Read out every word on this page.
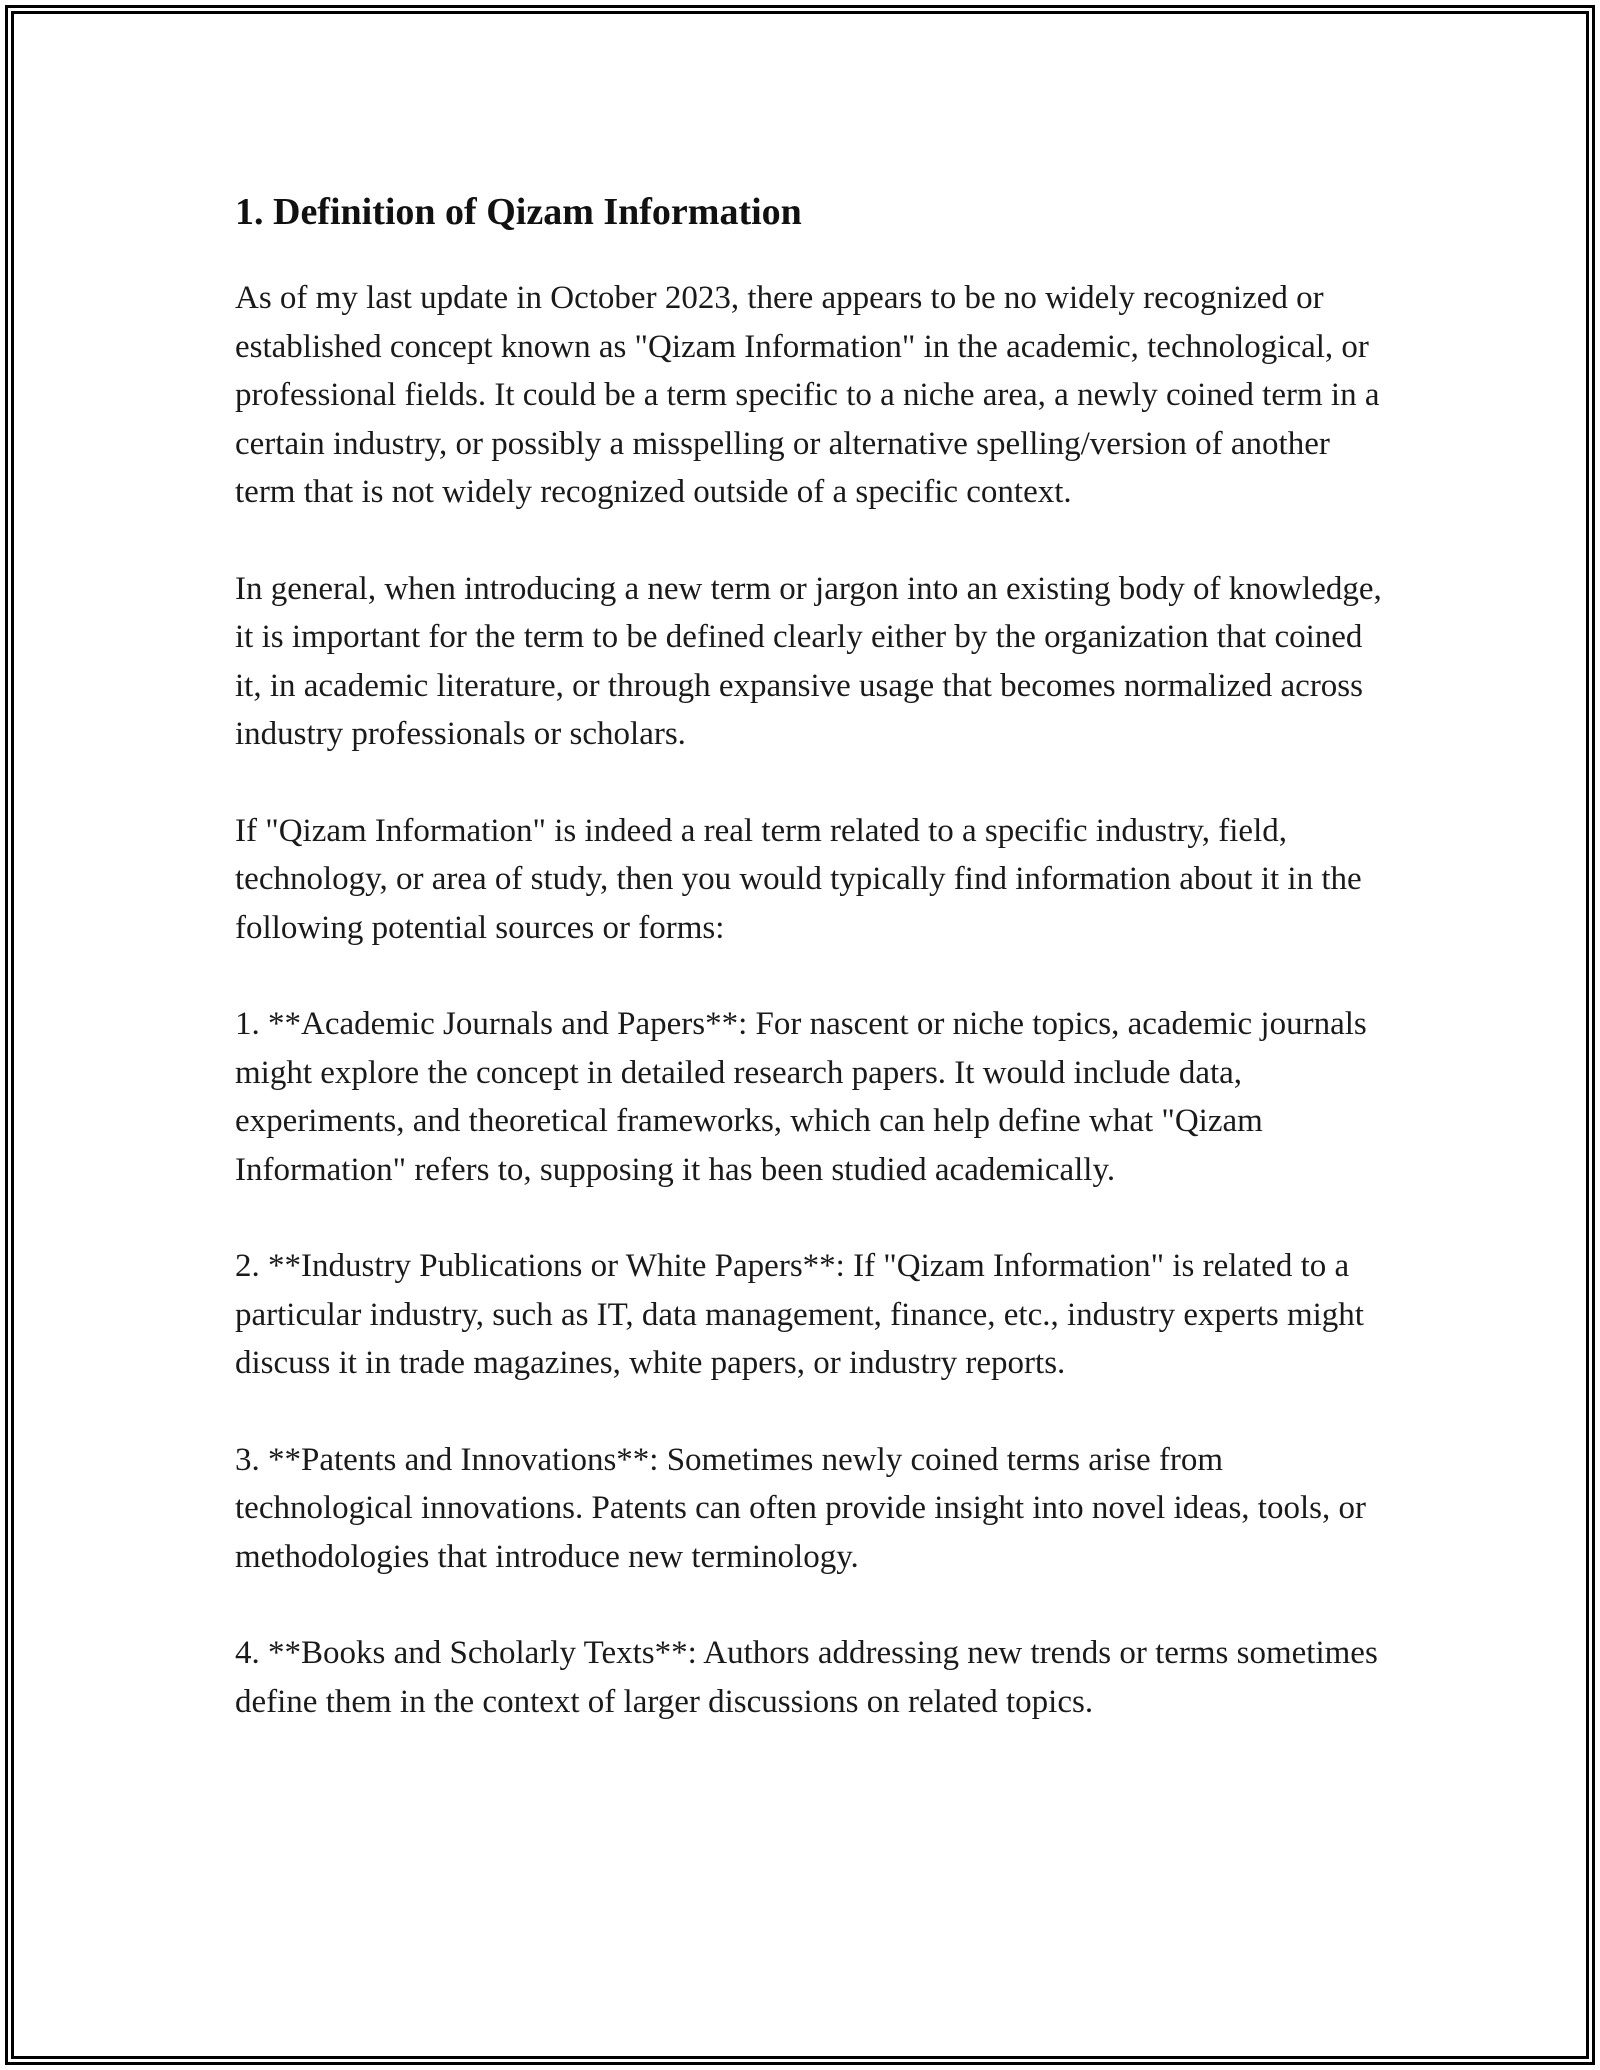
1. Definition of Qizam Information

As of my last update in October 2023, there appears to be no widely recognized or established concept known as "Qizam Information" in the academic, technological, or professional fields. It could be a term specific to a niche area, a newly coined term in a certain industry, or possibly a misspelling or alternative spelling/version of another term that is not widely recognized outside of a specific context.

In general, when introducing a new term or jargon into an existing body of knowledge, it is important for the term to be defined clearly either by the organization that coined it, in academic literature, or through expansive usage that becomes normalized across industry professionals or scholars.

If "Qizam Information" is indeed a real term related to a specific industry, field, technology, or area of study, then you would typically find information about it in the following potential sources or forms:

1. **Academic Journals and Papers**: For nascent or niche topics, academic journals might explore the concept in detailed research papers. It would include data, experiments, and theoretical frameworks, which can help define what "Qizam Information" refers to, supposing it has been studied academically.

2. **Industry Publications or White Papers**: If "Qizam Information" is related to a particular industry, such as IT, data management, finance, etc., industry experts might discuss it in trade magazines, white papers, or industry reports.

3. **Patents and Innovations**: Sometimes newly coined terms arise from technological innovations. Patents can often provide insight into novel ideas, tools, or methodologies that introduce new terminology.

4. **Books and Scholarly Texts**: Authors addressing new trends or terms sometimes define them in the context of larger discussions on related topics.
